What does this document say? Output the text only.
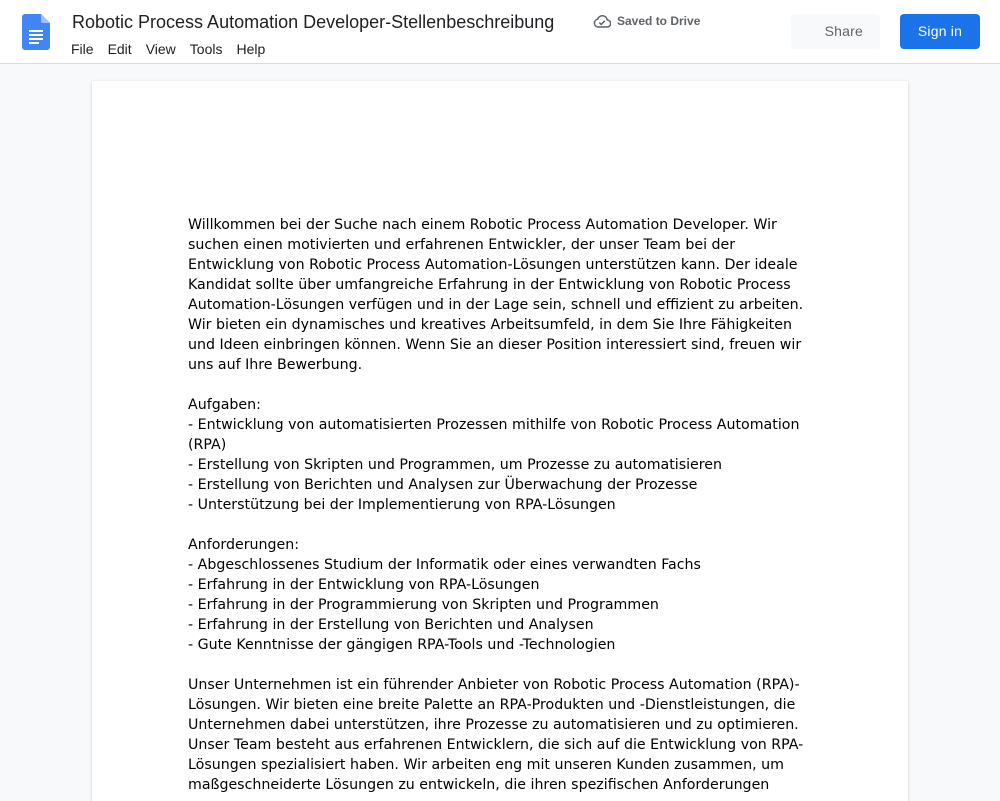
Robotic Process Automation Developer-Stellenbeschreibung	Saved to Drive
File	Edit	View	Tools	Help
Share	Sign in

Willkommen bei der Suche nach einem Robotic Process Automation Developer. Wir suchen einen motivierten und erfahrenen Entwickler, der unser Team bei der Entwicklung von Robotic Process Automation-Lösungen unterstützen kann. Der ideale Kandidat sollte über umfangreiche Erfahrung in der Entwicklung von Robotic Process Automation-Lösungen verfügen und in der Lage sein, schnell und effizient zu arbeiten. Wir bieten ein dynamisches und kreatives Arbeitsumfeld, in dem Sie Ihre Fähigkeiten und Ideen einbringen können. Wenn Sie an dieser Position interessiert sind, freuen wir uns auf Ihre Bewerbung.

Aufgaben:

- Entwicklung von automatisierten Prozessen mithilfe von Robotic Process Automation (RPA)

- Erstellung von Skripten und Programmen, um Prozesse zu automatisieren

- Erstellung von Berichten und Analysen zur Überwachung der Prozesse

- Unterstützung bei der Implementierung von RPA-Lösungen

Anforderungen:

- Abgeschlossenes Studium der Informatik oder eines verwandten Fachs

- Erfahrung in der Entwicklung von RPA-Lösungen

- Erfahrung in der Programmierung von Skripten und Programmen

- Erfahrung in der Erstellung von Berichten und Analysen

- Gute Kenntnisse der gängigen RPA-Tools und -Technologien

Unser Unternehmen ist ein führender Anbieter von Robotic Process Automation (RPA)-Lösungen. Wir bieten eine breite Palette an RPA-Produkten und -Dienstleistungen, die Unternehmen dabei unterstützen, ihre Prozesse zu automatisieren und zu optimieren. Unser Team besteht aus erfahrenen Entwicklern, die sich auf die Entwicklung von RPA-Lösungen spezialisiert haben. Wir arbeiten eng mit unseren Kunden zusammen, um maßgeschneiderte Lösungen zu entwickeln, die ihren spezifischen Anforderungen
